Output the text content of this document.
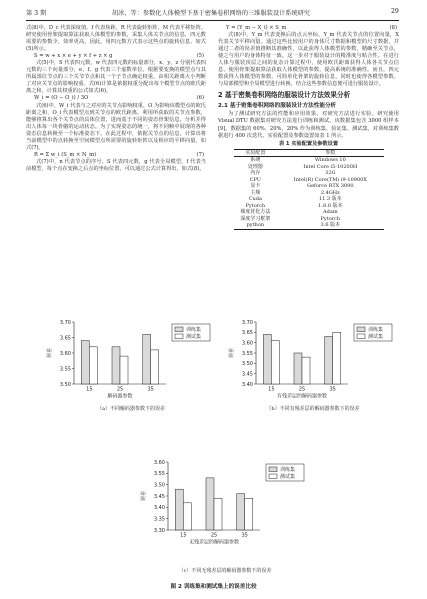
第 3 期	胡冰，等：参数化人体模型下基于密集卷积网络的三维服装设计系统研究	29

式(8)中，D_c 代表深度值，f 代表焦距，R 代表旋转矩阵，M 代表平移矩阵。研究使用骨架提取算法获取人体模型的参数，采集人体关节点的信息，四元数需要的参数少，效率更高，因此，用四元数方式表示这些点的旋转信息，如式(5)所示。

S = w + x × e + y × f + z × g	(5)

式(5)中，S 代表四元数，w 代表四元数的标量部分，x、y、z 分别代表四元数的三个向量部分，e、f、g 代表三个虚数单位。根据要变换的模型点与其所属部位节点的三个关节节点和其一个子节点确定权重，由相关距离大小判断了对应关节点的影响权重。式(6)计算是依据权重分配出每个模型节点的欧氏距离之和，计算其权重的公式如式(6)。

W_i = (O − O_i) / 3O	(6)

式(6)中，W_i 代表与之对应的关节点影响权重，O 为影响该模型点的欧氏距离之和，O_i 代表模型点到关节点的欧氏距离。利用所获取的关节点参数，能够推算出各个关节点的具体位置，进而基于不同的姿态骨架信息，分析并得出人体每一块骨骼的运动状态。为了实现姿态的统一，将不同帧中展现的各种姿态信息转换至一个标准姿态下。在此过程中，依据关节点的信息，计算出将当前模型中的点转换至空间模型点所需要的旋转矩阵以及相应的平移向量，如式(7)。

R = Σ w_i (S_m × N_m)	(7)

式(7)中，n 代表节点的序号，S 代表四元数，g 代表全局模型，f 代表当前模型。每个点在变换之后点的坐标位置，可以通过公式计算得出，如式(8)。

Y = (Y_m − X_i) × S_m	(8)

式(8)中，Y_m 代表变换后的点云坐标，Y_m 代表关节点的位置向量，X 代表关节平移向量。通过这些比较用户的身体尺寸数据和模型的尺寸数据，并通过二者的误差值推断其准确性，以此获得人体模型的参数，精确至关节点，使之与用户的身体特征一致。这一步对于服装设计的精准度与贴合性。在进行人体与服装顶层之间的复杂计算过程中，使用欧氏距离获得人体各关节点信息，使用骨架提取算法获取人体模型的参数，提高系统的准确性。而且，四元数获得人体模型的参数，可简单化骨架的旋转信息，同时也使得各模型参数、与局部模型和全局模型进行转换，结合这些参数信息便可进行服装设计。

2 基于密集卷积网络的服装设计方法效果分析
2.1 基于密集卷积网络的服装设计方法性能分析

为了测试研究方法的性能和应用效果，对研究方法进行实验。研究使用 Visual DTU 数据集对研究方法进行训练和测试，该数据集包含 3000 组样本[9]。数据集的 60%、20%、20% 作为训练集、验证集、测试集，对训练集数据进行 400 次迭代。实验配置及参数设置如表 1 所示。

表 1 实验配置及参数设置
实验配置	参数
系统	Windows 10
处理器	Intel Core i5-10200H
内存	32G
CPU	Intel(R) Core(TM) i9-10900X
显卡	Geforce RTX 3090
主频	2.4GHz
Cuda	11.3 版本
Pytorch	1.8.0 版本
梯度优化方法	Adam
深度学习框架	Pytorch
python	3.6 版本
3.50
3.55
3.60
3.65
3.70
误差
15	25	35
解码器参数
训练集
测试集
（a）不同解码器参数下的误差
3.40
3.45
3.50
3.55
3.60
3.65
3.70
误差
15	25	35
有残差层的解码器参数
训练集
测试集
（b）不同有残差层的解码器参数下的误差
3.30
3.35
3.40
3.45
3.50
3.55
3.60
误差
15	25	35
无残差层的解码器参数
训练集
测试集
（c）不同无残差层的解码器参数下的误差
图 2 训练集和测试集上的误差比较
